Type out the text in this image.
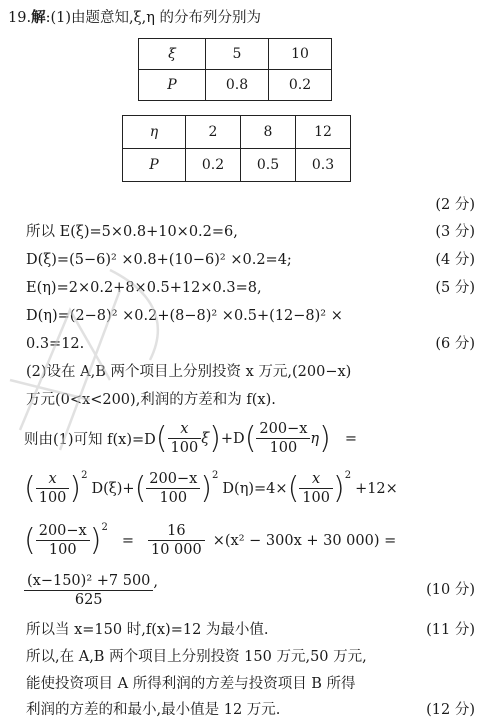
19.解:(1)由题意知,ξ,η 的分布列分别为
ξ	5	10
P	0.8	0.2
η	2	8	12
P	0.2	0.5	0.3
(2 分)
所以 E(ξ)=5×0.8+10×0.2=6,	(3 分)
D(ξ)=(5−6)² ×0.8+(10−6)² ×0.2=4;	(4 分)
E(η)=2×0.2+8×0.5+12×0.3=8,	(5 分)
D(η)=(2−8)² ×0.2+(8−8)² ×0.5+(12−8)² ×
0.3=12.	(6 分)
(2)设在 A,B 两个项目上分别投资 x 万元,(200−x)
万元(0<x<200),利润的方差和为 f(x).
则由(1)可知 f(x)=D ( $\frac{x}{100}$ ξ ) +D ( $\frac{200-x}{100}$ η ) =
( $\frac{x}{100} )^2$
D(ξ)+ ( $\frac{200-x}{100} )^2$
D(η)=4× ( $\frac{x}{100} )^2$
+12×
( $\frac{200-x}{100} )^2$
= $\frac{16}{10 000} \times(x^2 - 300x + 30$ 000) =
$\frac{\text{(x−150)² +7 500}}{625}$ ,
(10 分)
所以当 x=150 时,f(x)=12 为最小值.	(11 分)
所以,在 A,B 两个项目上分别投资 150 万元,50 万元,
能使投资项目 A 所得利润的方差与投资项目 B 所得
利润的方差的和最小,最小值是 12 万元.	(12 分)
